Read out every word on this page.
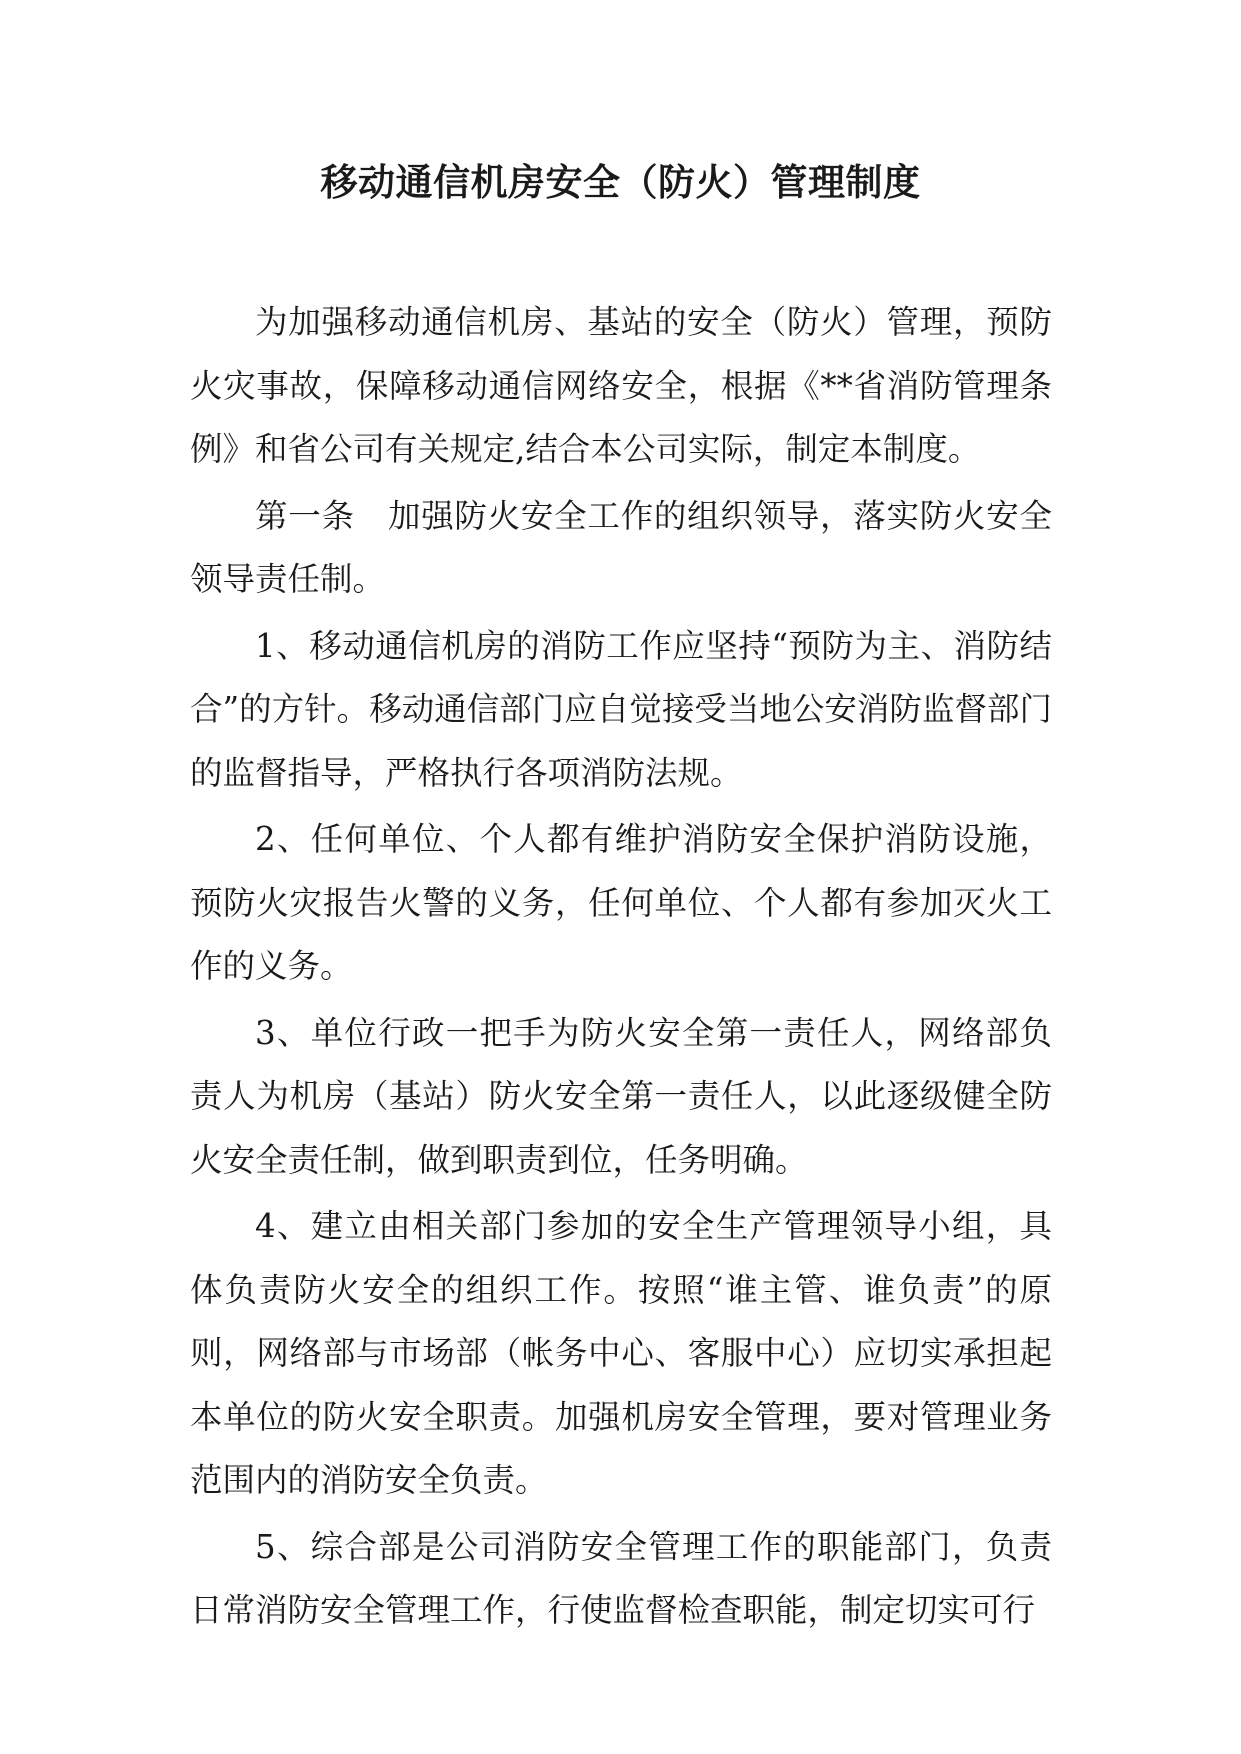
移动通信机房安全（防火）管理制度

为加强移动通信机房、基站的安全（防火）管理，预防火灾事故，保障移动通信网络安全，根据《**省消防管理条例》和省公司有关规定,结合本公司实际，制定本制度。

第一条　加强防火安全工作的组织领导，落实防火安全领导责任制。

1、移动通信机房的消防工作应坚持“预防为主、消防结合”的方针。移动通信部门应自觉接受当地公安消防监督部门的监督指导，严格执行各项消防法规。

2、任何单位、个人都有维护消防安全保护消防设施，预防火灾报告火警的义务，任何单位、个人都有参加灭火工作的义务。

3、单位行政一把手为防火安全第一责任人，网络部负责人为机房（基站）防火安全第一责任人，以此逐级健全防火安全责任制，做到职责到位，任务明确。

4、建立由相关部门参加的安全生产管理领导小组，具体负责防火安全的组织工作。按照“谁主管、谁负责”的原则，网络部与市场部（帐务中心、客服中心）应切实承担起本单位的防火安全职责。加强机房安全管理，要对管理业务范围内的消防安全负责。

5、综合部是公司消防安全管理工作的职能部门，负责日常消防安全管理工作，行使监督检查职能，制定切实可行
